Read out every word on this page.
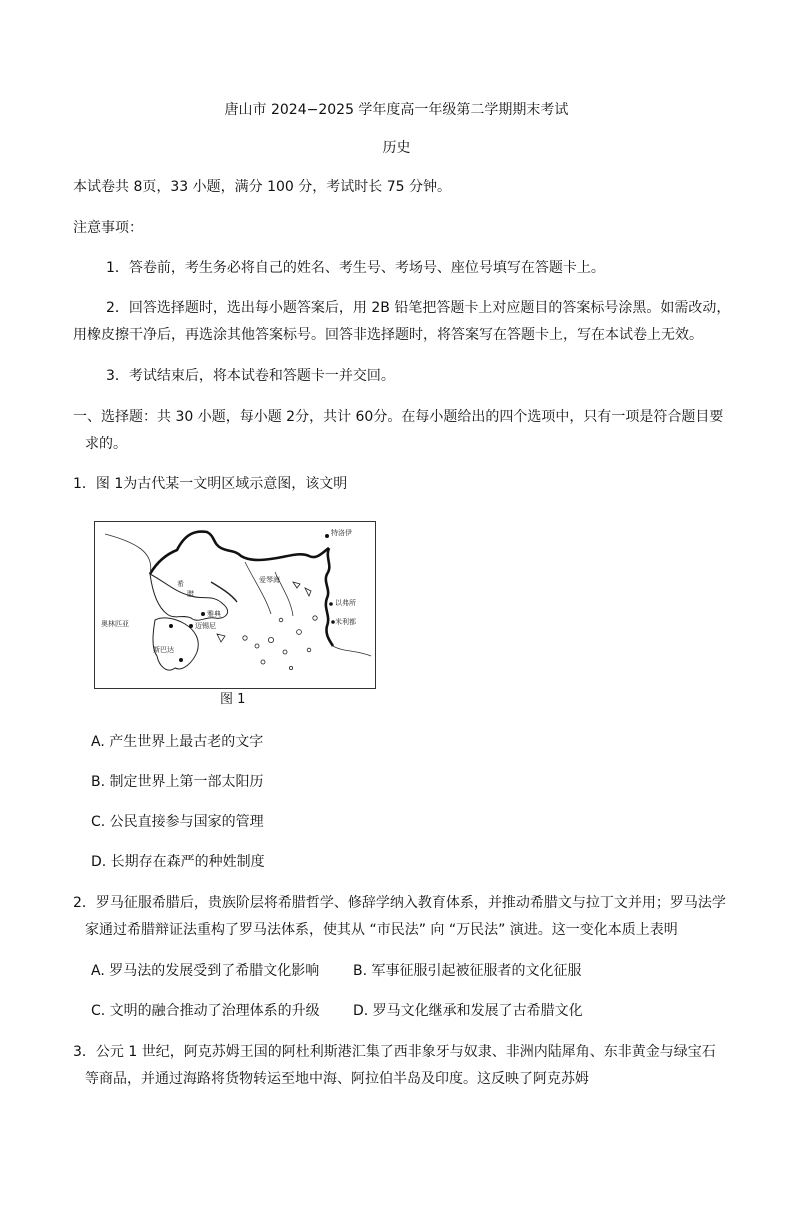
唐山市 2024−2025 学年度高一年级第二学期期末考试
历史
本试卷共 8页，33 小题，满分 100 分，考试时长 75 分钟。
注意事项：
1．答卷前，考生务必将自己的姓名、考生号、考场号、座位号填写在答题卡上。
2．回答选择题时，选出每小题答案后，用 2B 铅笔把答题卡上对应题目的答案标号涂黑。如需改动，
用橡皮擦干净后，再选涂其他答案标号。回答非选择题时，将答案写在答题卡上，写在本试卷上无效。
3．考试结束后，将本试卷和答题卡一并交回。
一、选择题：共 30 小题，每小题 2分，共计 60分。在每小题给出的四个选项中，只有一项是符合题目要
求的。
1．图 1为古代某一文明区域示意图，该文明
爱琴海
特洛伊
以弗所
米利都
奥林匹亚
雅典
迈锡尼
斯巴达
希
腊
图 1
A. 产生世界上最古老的文字
B. 制定世界上第一部太阳历
C. 公民直接参与国家的管理
D. 长期存在森严的种姓制度
2．罗马征服希腊后，贵族阶层将希腊哲学、修辞学纳入教育体系，并推动希腊文与拉丁文并用；罗马法学
家通过希腊辩证法重构了罗马法体系，使其从 “市民法” 向 “万民法” 演进。这一变化本质上表明
A. 罗马法的发展受到了希腊文化影响 B. 军事征服引起被征服者的文化征服
C. 文明的融合推动了治理体系的升级 D. 罗马文化继承和发展了古希腊文化
3．公元 1 世纪，阿克苏姆王国的阿杜利斯港汇集了西非象牙与奴隶、非洲内陆犀角、东非黄金与绿宝石
等商品，并通过海路将货物转运至地中海、阿拉伯半岛及印度。这反映了阿克苏姆
